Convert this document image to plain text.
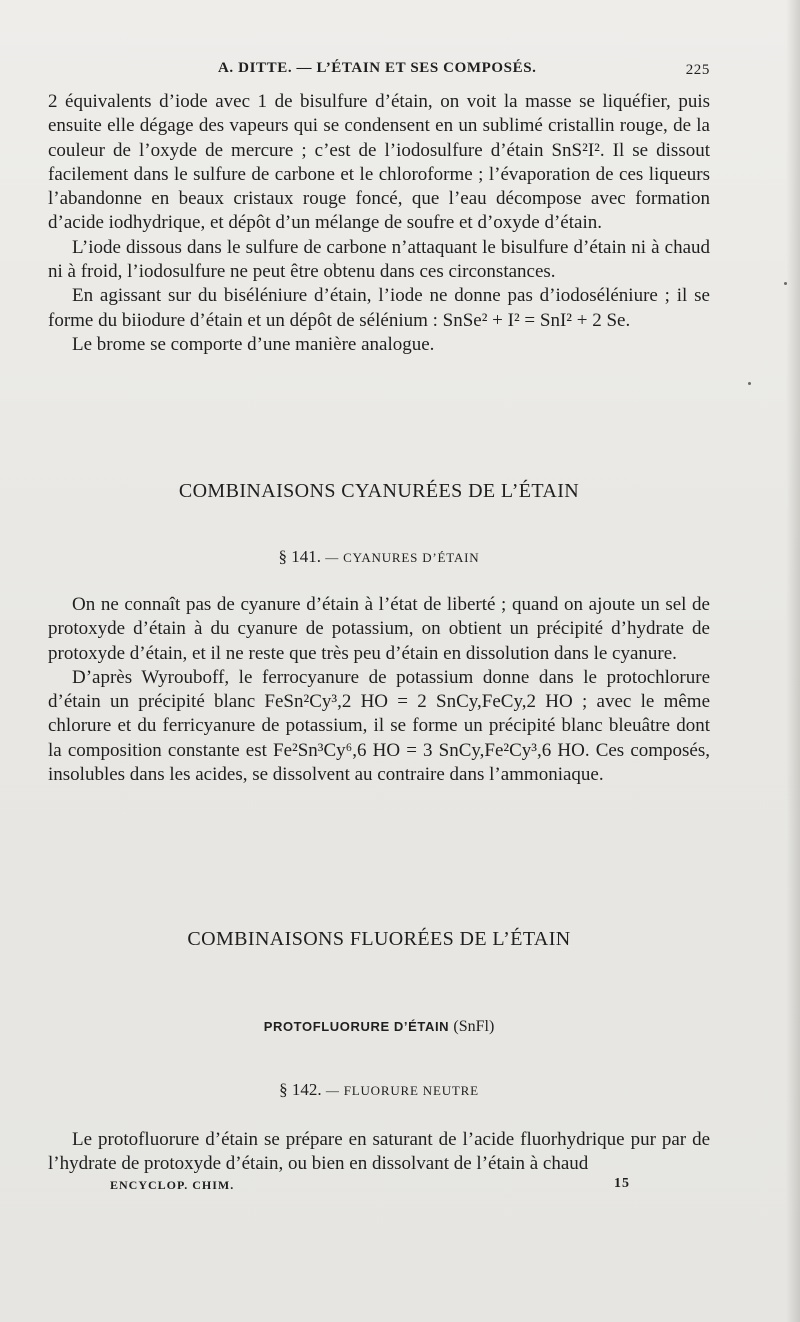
A. DITTE. — L’ÉTAIN ET SES COMPOSÉS.	225

2 équivalents d’iode avec 1 de bisulfure d’étain, on voit la masse se liquéfier, puis ensuite elle dégage des vapeurs qui se condensent en un sublimé cristallin rouge, de la couleur de l’oxyde de mercure ; c’est de l’iodosulfure d’étain SnS²I². Il se dissout facilement dans le sulfure de carbone et le chloroforme ; l’évaporation de ces liqueurs l’abandonne en beaux cristaux rouge foncé, que l’eau décompose avec formation d’acide iodhydrique, et dépôt d’un mélange de soufre et d’oxyde d’étain.

L’iode dissous dans le sulfure de carbone n’attaquant le bisulfure d’étain ni à chaud ni à froid, l’iodosulfure ne peut être obtenu dans ces circonstances.

En agissant sur du biséléniure d’étain, l’iode ne donne pas d’iodoséléniure ; il se forme du biiodure d’étain et un dépôt de sélénium : SnSe² + I² = SnI² + 2 Se.

Le brome se comporte d’une manière analogue.

COMBINAISONS CYANURÉES DE L’ÉTAIN
§ 141. — CYANURES D’ÉTAIN

On ne connaît pas de cyanure d’étain à l’état de liberté ; quand on ajoute un sel de protoxyde d’étain à du cyanure de potassium, on obtient un précipité d’hydrate de protoxyde d’étain, et il ne reste que très peu d’étain en dissolution dans le cyanure.

D’après Wyrouboff, le ferrocyanure de potassium donne dans le protochlorure d’étain un précipité blanc FeSn²Cy³,2 HO = 2 SnCy,FeCy,2 HO ; avec le même chlorure et du ferricyanure de potassium, il se forme un précipité blanc bleuâtre dont la composition constante est Fe²Sn³Cy⁶,6 HO = 3 SnCy,Fe²Cy³,6 HO. Ces composés, insolubles dans les acides, se dissolvent au contraire dans l’ammoniaque.

COMBINAISONS FLUORÉES DE L’ÉTAIN
PROTOFLUORURE D’ÉTAIN (SnFl)
§ 142. — FLUORURE NEUTRE

Le protofluorure d’étain se prépare en saturant de l’acide fluorhydrique pur par de l’hydrate de protoxyde d’étain, ou bien en dissolvant de l’étain à chaud

ENCYCLOP. CHIM.	15
